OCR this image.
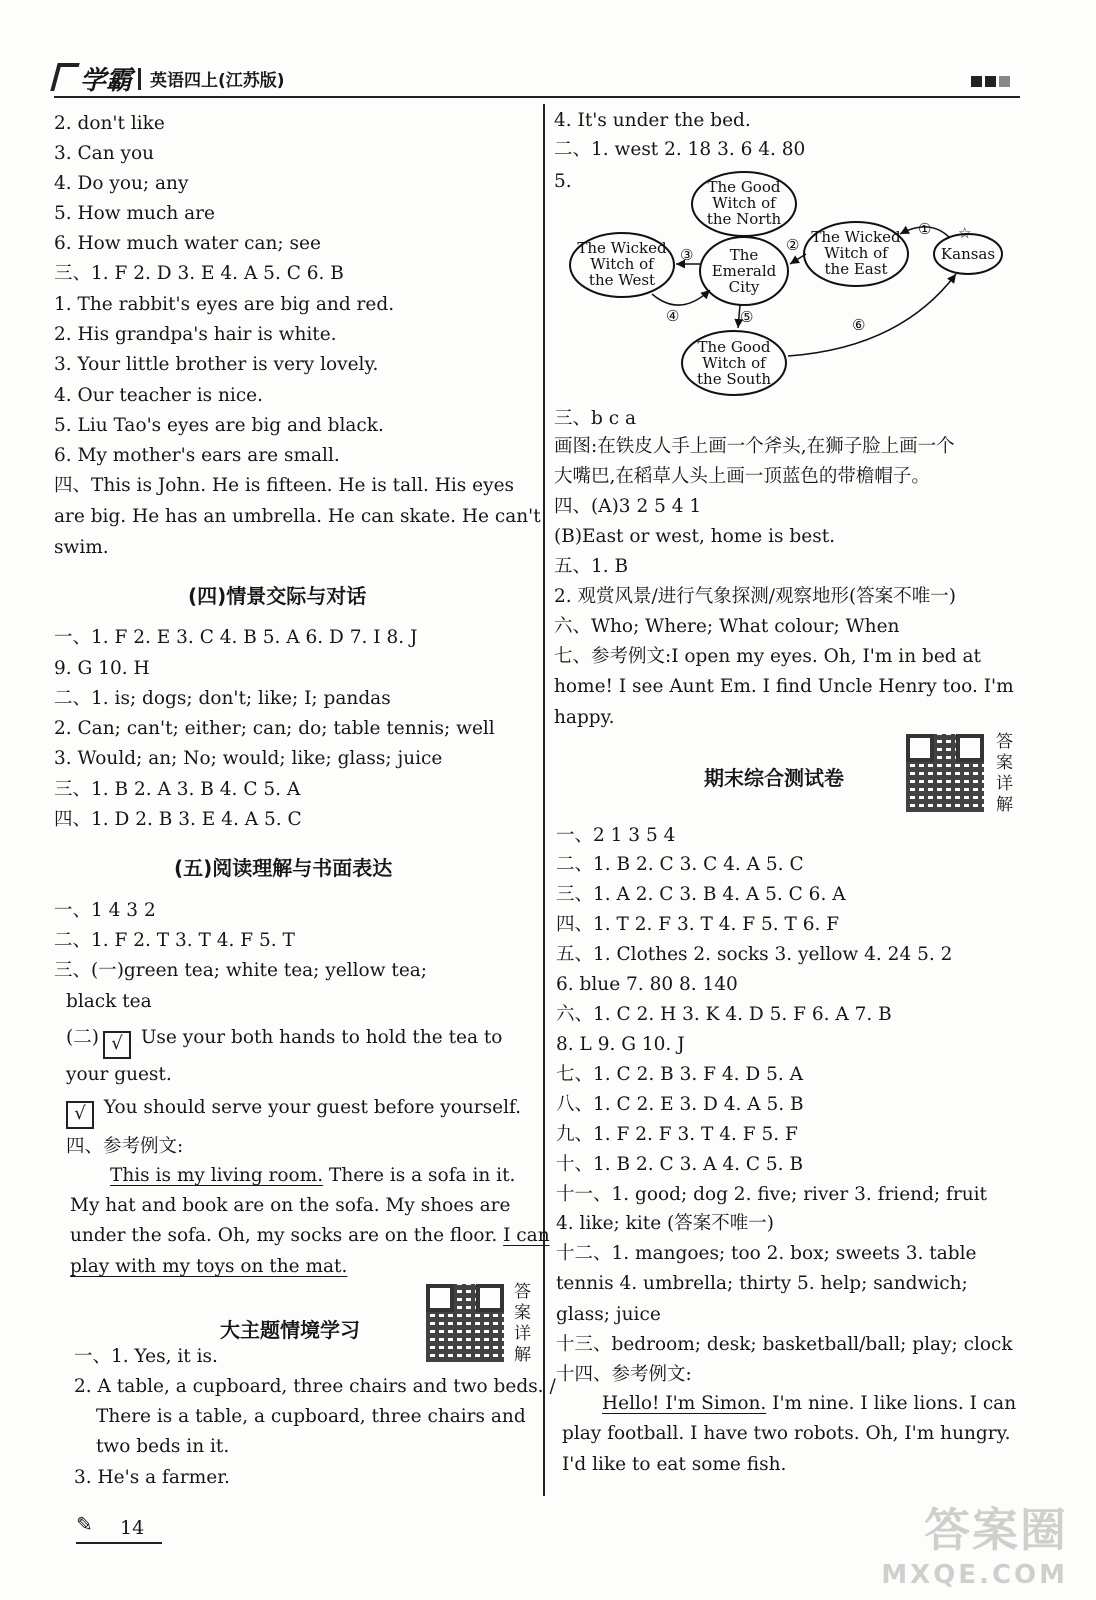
学霸 英语四上(江苏版)
2. don't like
3. Can you
4. Do you; any
5. How much are
6. How much water can; see
三、1. F 2. D 3. E 4. A 5. C 6. B
1. The rabbit's eyes are big and red.
2. His grandpa's hair is white.
3. Your little brother is very lovely.
4. Our teacher is nice.
5. Liu Tao's eyes are big and black.
6. My mother's ears are small.
四、This is John. He is fifteen. He is tall. His eyes
are big. He has an umbrella. He can skate. He can't
swim.
(四)情景交际与对话
一、1. F 2. E 3. C 4. B 5. A 6. D 7. I 8. J
9. G 10. H
二、1. is; dogs; don't; like; I; pandas
2. Can; can't; either; can; do; table tennis; well
3. Would; an; No; would; like; glass; juice
三、1. B 2. A 3. B 4. C 5. A
四、1. D 2. B 3. E 4. A 5. C
(五)阅读理解与书面表达
一、1 4 3 2
二、1. F 2. T 3. T 4. F 5. T
三、(一)green tea; white tea; yellow tea;
black tea
(二) √ Use your both hands to hold the tea to
your guest.
√ You should serve your guest before yourself.
四、参考例文:
This is my living room. There is a sofa in it.
My hat and book are on the sofa. My shoes are
under the sofa. Oh, my socks are on the floor. I can
play with my toys on the mat.
大主题情境学习
答案详解
一、1. Yes, it is.
2. A table, a cupboard, three chairs and two beds. /
There is a table, a cupboard, three chairs and
two beds in it.
3. He's a farmer.
4. It's under the bed.
二、1. west 2. 18 3. 6 4. 80
5.	The Good
Witch of
the North
The Wicked
Witch of
the West
The
Emerald
City
The Wicked
Witch of
the East
Kansas
The Good
Witch of
the South
①
②
③
④	⑤	⑥
☆
三、b c a
画图:在铁皮人手上画一个斧头,在狮子脸上画一个
大嘴巴,在稻草人头上画一顶蓝色的带檐帽子。
四、(A)3 2 5 4 1
(B)East or west, home is best.
五、1. B
2. 观赏风景/进行气象探测/观察地形(答案不唯一)
六、Who; Where; What colour; When
七、参考例文:I open my eyes. Oh, I'm in bed at
home! I see Aunt Em. I find Uncle Henry too. I'm
happy.
期末综合测试卷
答案详解
一、2 1 3 5 4
二、1. B 2. C 3. C 4. A 5. C
三、1. A 2. C 3. B 4. A 5. C 6. A
四、1. T 2. F 3. T 4. F 5. T 6. F
五、1. Clothes 2. socks 3. yellow 4. 24 5. 2
6. blue 7. 80 8. 140
六、1. C 2. H 3. K 4. D 5. F 6. A 7. B
8. L 9. G 10. J
七、1. C 2. B 3. F 4. D 5. A
八、1. C 2. E 3. D 4. A 5. B
九、1. F 2. F 3. T 4. F 5. F
十、1. B 2. C 3. A 4. C 5. B
十一、1. good; dog 2. five; river 3. friend; fruit
4. like; kite (答案不唯一)
十二、1. mangoes; too 2. box; sweets 3. table
tennis 4. umbrella; thirty 5. help; sandwich;
glass; juice
十三、bedroom; desk; basketball/ball; play; clock
十四、参考例文:
Hello! I'm Simon. I'm nine. I like lions. I can
play football. I have two robots. Oh, I'm hungry.
I'd like to eat some fish.
✎ 14	答案圈
MXQE.COM
